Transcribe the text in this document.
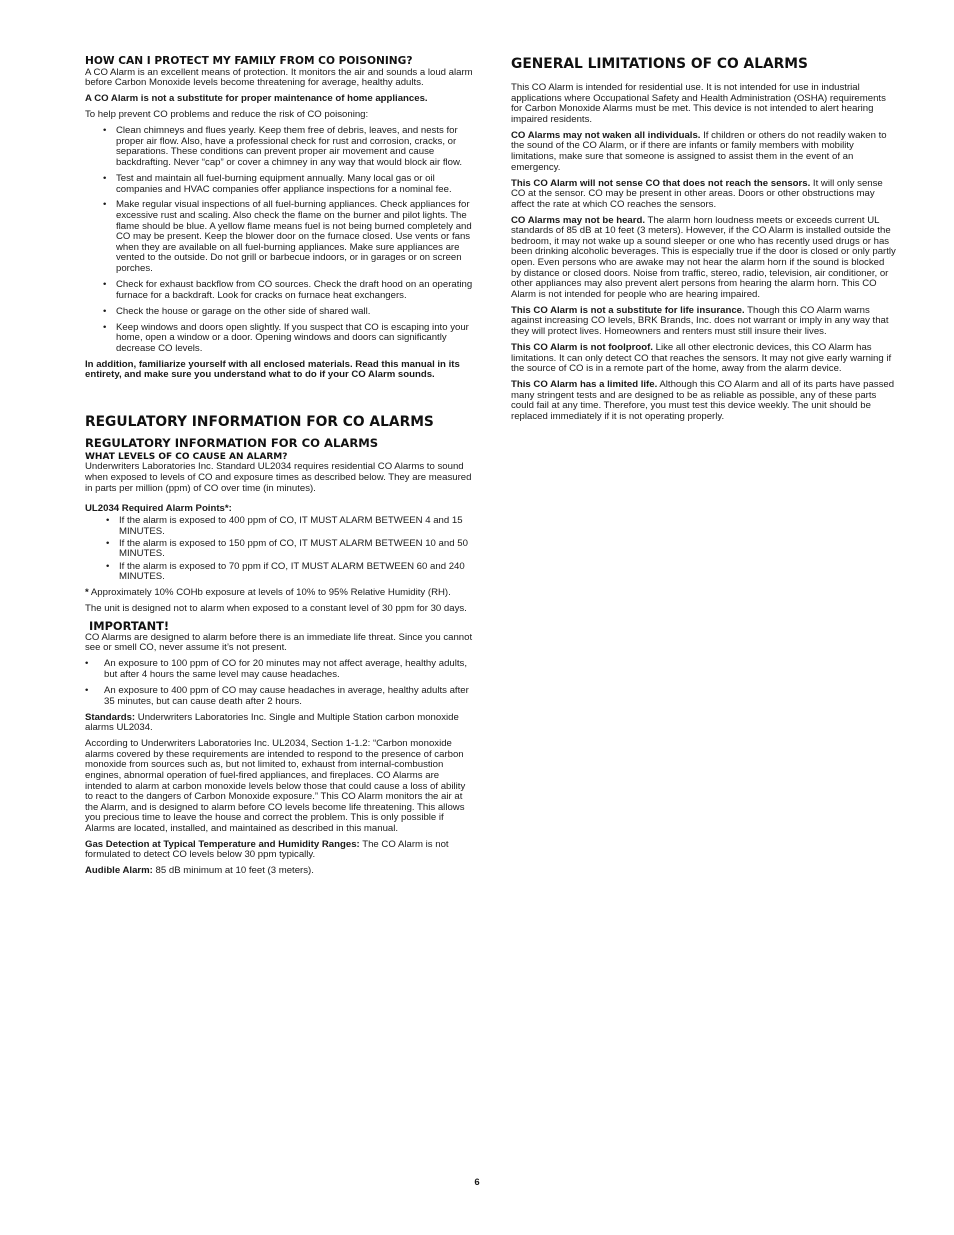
HOW CAN I PROTECT MY FAMILY FROM CO POISONING?

A CO Alarm is an excellent means of protection. It monitors the air and sounds a loud alarm before Carbon Monoxide levels become threatening for average, healthy adults.

A CO Alarm is not a substitute for proper maintenance of home appliances.

To help prevent CO problems and reduce the risk of CO poisoning:

• Clean chimneys and flues yearly. Keep them free of debris, leaves, and nests for proper air flow. Also, have a professional check for rust and corrosion, cracks, or separations. These conditions can prevent proper air movement and cause backdrafting. Never “cap” or cover a chimney in any way that would block air flow.
• Test and maintain all fuel-burning equipment annually. Many local gas or oil companies and HVAC companies offer appliance inspections for a nominal fee.
• Make regular visual inspections of all fuel-burning appliances. Check appliances for excessive rust and scaling. Also check the flame on the burner and pilot lights. The flame should be blue. A yellow flame means fuel is not being burned completely and CO may be present. Keep the blower door on the furnace closed. Use vents or fans when they are available on all fuel-burning appliances. Make sure appliances are vented to the outside. Do not grill or barbecue indoors, or in garages or on screen porches.
• Check for exhaust backflow from CO sources. Check the draft hood on an operating furnace for a backdraft. Look for cracks on furnace heat exchangers.
• Check the house or garage on the other side of shared wall.
• Keep windows and doors open slightly. If you suspect that CO is escaping into your home, open a window or a door. Opening windows and doors can significantly decrease CO levels.

In addition, familiarize yourself with all enclosed materials. Read this manual in its entirety, and make sure you understand what to do if your CO Alarm sounds.

REGULATORY INFORMATION FOR CO ALARMS
REGULATORY INFORMATION FOR CO ALARMS
WHAT LEVELS OF CO CAUSE AN ALARM?

Underwriters Laboratories Inc. Standard UL2034 requires residential CO Alarms to sound when exposed to levels of CO and exposure times as described below. They are measured in parts per million (ppm) of CO over time (in minutes).

UL2034 Required Alarm Points*:

• If the alarm is exposed to 400 ppm of CO, IT MUST ALARM BETWEEN 4 and 15 MINUTES.
• If the alarm is exposed to 150 ppm of CO, IT MUST ALARM BETWEEN 10 and 50 MINUTES.
• If the alarm is exposed to 70 ppm if CO, IT MUST ALARM BETWEEN 60 and 240 MINUTES.

* Approximately 10% COHb exposure at levels of 10% to 95% Relative Humidity (RH).

The unit is designed not to alarm when exposed to a constant level of 30 ppm for 30 days.

IMPORTANT!

CO Alarms are designed to alarm before there is an immediate life threat. Since you cannot see or smell CO, never assume it’s not present.

• An exposure to 100 ppm of CO for 20 minutes may not affect average, healthy adults, but after 4 hours the same level may cause headaches.
• An exposure to 400 ppm of CO may cause headaches in average, healthy adults after 35 minutes, but can cause death after 2 hours.

Standards: Underwriters Laboratories Inc. Single and Multiple Station carbon monoxide alarms UL2034.

According to Underwriters Laboratories Inc. UL2034, Section 1-1.2: “Carbon monoxide alarms covered by these requirements are intended to respond to the presence of carbon monoxide from sources such as, but not limited to, exhaust from internal-combustion engines, abnormal operation of fuel-fired appliances, and fireplaces. CO Alarms are intended to alarm at carbon monoxide levels below those that could cause a loss of ability to react to the dangers of Carbon Monoxide exposure.” This CO Alarm monitors the air at the Alarm, and is designed to alarm before CO levels become life threatening. This allows you precious time to leave the house and correct the problem. This is only possible if Alarms are located, installed, and maintained as described in this manual.

Gas Detection at Typical Temperature and Humidity Ranges: The CO Alarm is not formulated to detect CO levels below 30 ppm typically.

Audible Alarm: 85 dB minimum at 10 feet (3 meters).

GENERAL LIMITATIONS OF CO ALARMS

This CO Alarm is intended for residential use. It is not intended for use in industrial applications where Occupational Safety and Health Administration (OSHA) requirements for Carbon Monoxide Alarms must be met. This device is not intended to alert hearing impaired residents.

CO Alarms may not waken all individuals. If children or others do not readily waken to the sound of the CO Alarm, or if there are infants or family members with mobility limitations, make sure that someone is assigned to assist them in the event of an emergency.

This CO Alarm will not sense CO that does not reach the sensors. It will only sense CO at the sensor. CO may be present in other areas. Doors or other obstructions may affect the rate at which CO reaches the sensors.

CO Alarms may not be heard. The alarm horn loudness meets or exceeds current UL standards of 85 dB at 10 feet (3 meters). However, if the CO Alarm is installed outside the bedroom, it may not wake up a sound sleeper or one who has recently used drugs or has been drinking alcoholic beverages. This is especially true if the door is closed or only partly open. Even persons who are awake may not hear the alarm horn if the sound is blocked by distance or closed doors. Noise from traffic, stereo, radio, television, air conditioner, or other appliances may also prevent alert persons from hearing the alarm horn. This CO Alarm is not intended for people who are hearing impaired.

This CO Alarm is not a substitute for life insurance. Though this CO Alarm warns against increasing CO levels, BRK Brands, Inc. does not warrant or imply in any way that they will protect lives. Homeowners and renters must still insure their lives.

This CO Alarm is not foolproof. Like all other electronic devices, this CO Alarm has limitations. It can only detect CO that reaches the sensors. It may not give early warning if the source of CO is in a remote part of the home, away from the alarm device.

This CO Alarm has a limited life. Although this CO Alarm and all of its parts have passed many stringent tests and are designed to be as reliable as possible, any of these parts could fail at any time. Therefore, you must test this device weekly. The unit should be replaced immediately if it is not operating properly.

6
